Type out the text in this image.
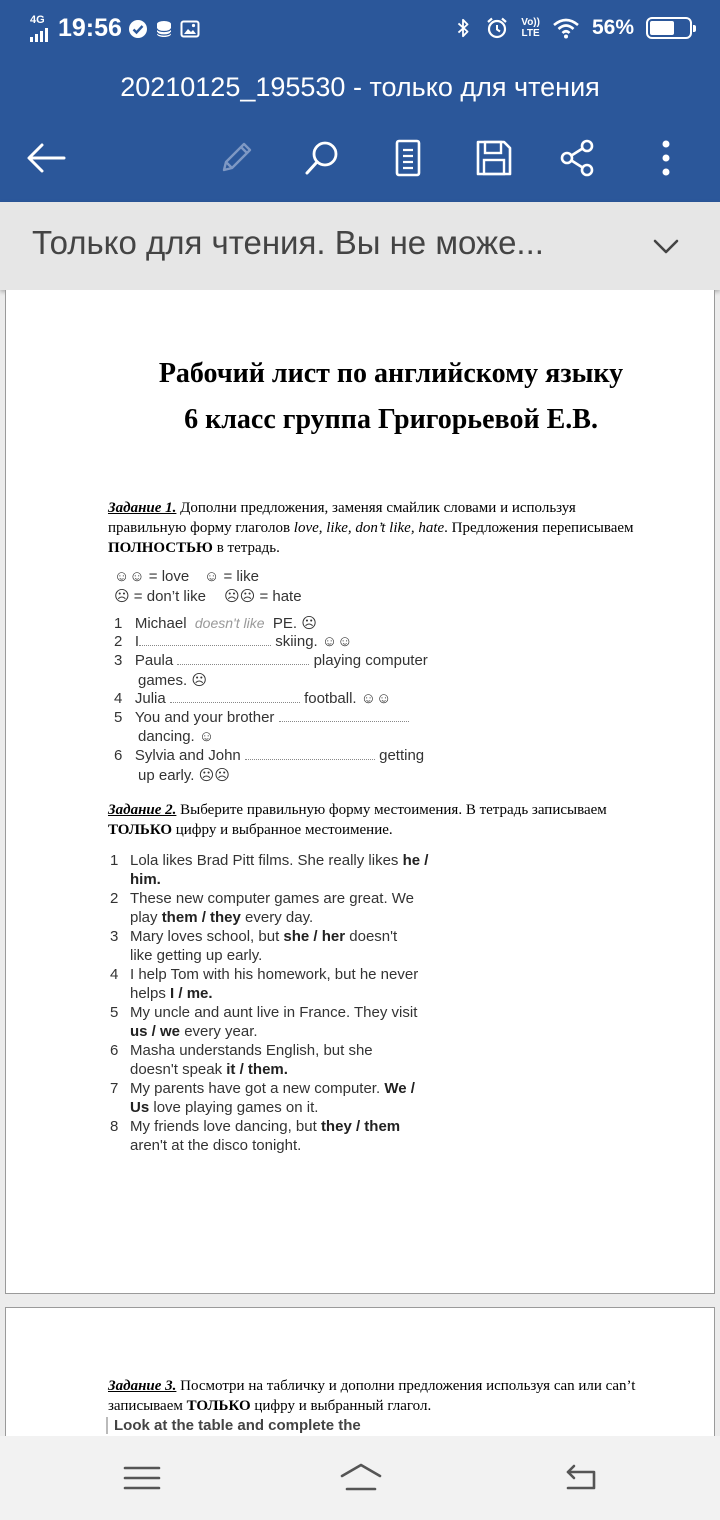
4G 19:56	Vo))
LTE 56%
20210125_195530 - только для чтения
Только для чтения. Вы не може...
Рабочий лист по английскому языку
6 класс группа Григорьевой Е.В.
Задание 1. Дополни предложения, заменяя смайлик словами и используя правильную форму глаголов love, like, don’t like, hate. Предложения переписываем ПОЛНОСТЬЮ в тетрадь.
☺☺ = love ☺ = like
☹ = don’t like ☹☹ = hate
1 Michael doesn't like PE. ☹
2 I	skiing. ☺☺
3 Paula	playing computer
games. ☹
4 Julia	football. ☺☺
5 You and your brother
dancing. ☺
6 Sylvia and John	getting
up early. ☹☹
Задание 2. Выберите правильную форму местоимения. В тетрадь записываем ТОЛЬКО цифру и выбранное местоимение.
1 Lola likes Brad Pitt films. She really likes he /
him.
2 These new computer games are great. We
play them / they every day.
3 Mary loves school, but she / her doesn't
like getting up early.
4 I help Tom with his homework, but he never
helps I / me.
5 My uncle and aunt live in France. They visit
us / we every year.
6 Masha understands English, but she
doesn't speak it / them.
7 My parents have got a new computer. We /
Us love playing games on it.
8 My friends love dancing, but they / them
aren't at the disco tonight.
Задание 3. Посмотри на табличку и дополни предложения используя can или can’t записываем ТОЛЬКО цифру и выбранный глагол.
Look at the table and complete the
